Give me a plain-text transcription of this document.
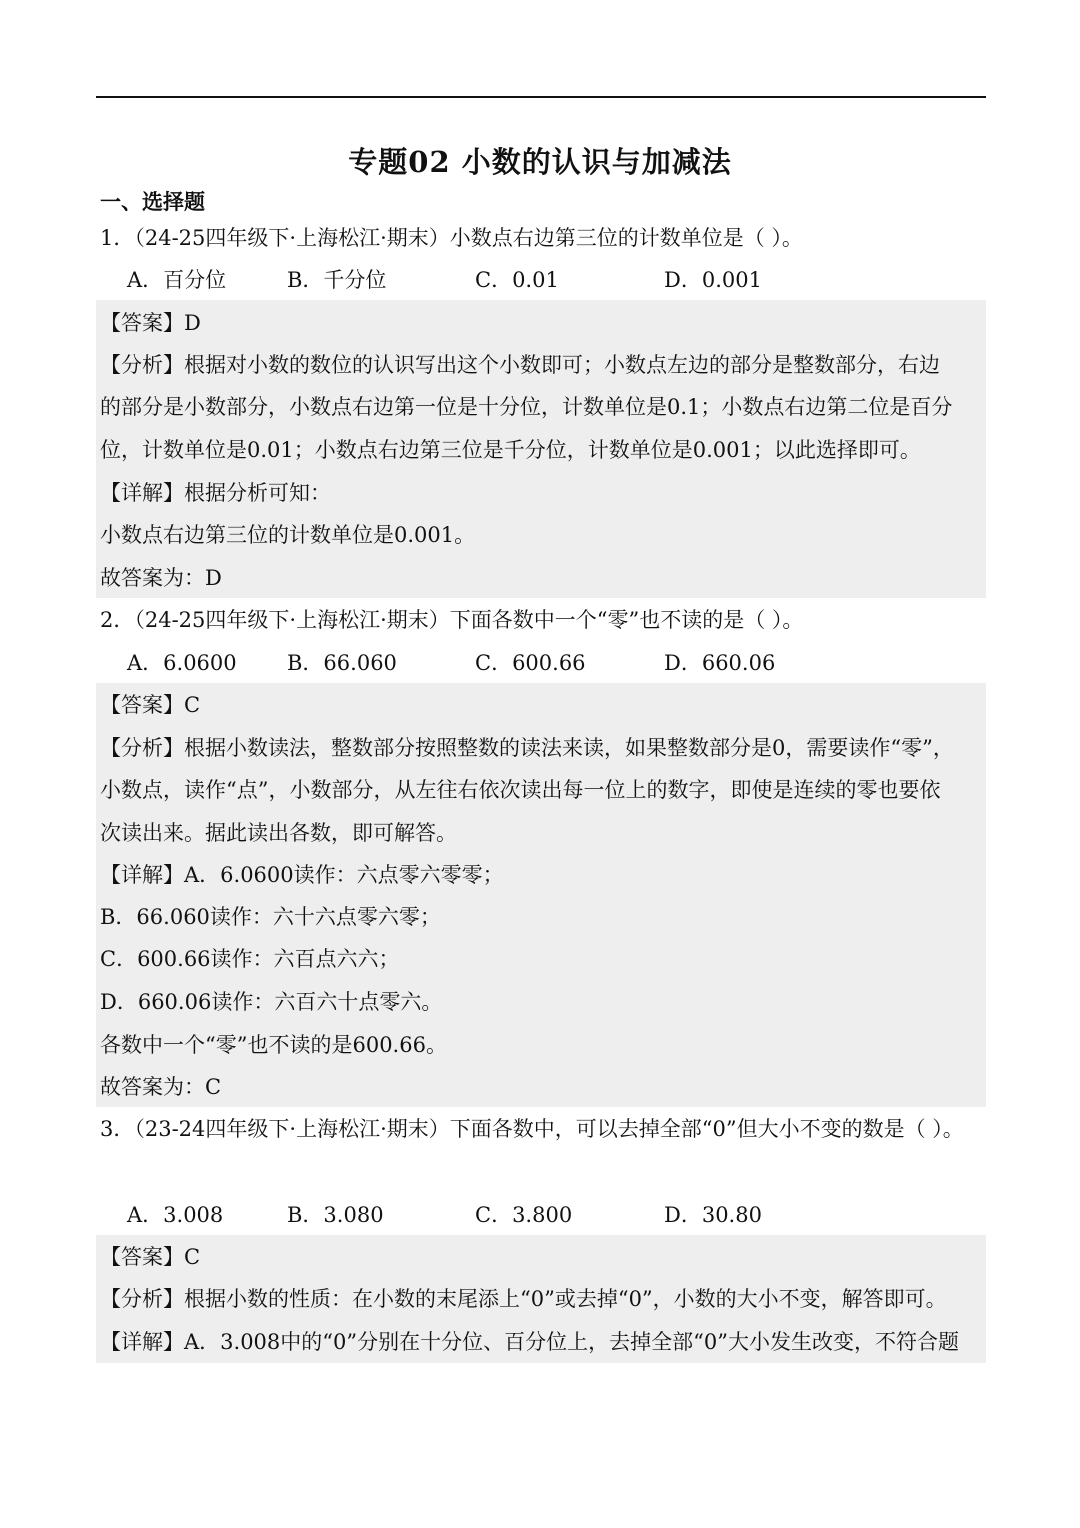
专题02 小数的认识与加减法
一、选择题
1．（24-25四年级下·上海松江·期末）小数点右边第三位的计数单位是（ ）。
A．百分位	B．千分位	C．0.01	D．0.001
【答案】D
【分析】根据对小数的数位的认识写出这个小数即可；小数点左边的部分是整数部分，右边
的部分是小数部分，小数点右边第一位是十分位，计数单位是0.1；小数点右边第二位是百分
位，计数单位是0.01；小数点右边第三位是千分位，计数单位是0.001；以此选择即可。
【详解】根据分析可知：
小数点右边第三位的计数单位是0.001。
故答案为：D
2．（24-25四年级下·上海松江·期末）下面各数中一个“零”也不读的是（ ）。
A．6.0600 B．66.060	C．600.66	D．660.06
【答案】C
【分析】根据小数读法，整数部分按照整数的读法来读，如果整数部分是0，需要读作“零”，
小数点，读作“点”，小数部分，从左往右依次读出每一位上的数字，即使是连续的零也要依
次读出来。据此读出各数，即可解答。
【详解】A．6.0600读作：六点零六零零；
B．66.060读作：六十六点零六零；
C．600.66读作：六百点六六；
D．660.06读作：六百六十点零六。
各数中一个“零”也不读的是600.66。
故答案为：C
3．（23-24四年级下·上海松江·期末）下面各数中，可以去掉全部“0”但大小不变的数是（ ）。
A．3.008	B．3.080	C．3.800	D．30.80
【答案】C
【分析】根据小数的性质：在小数的末尾添上“0”或去掉“0”，小数的大小不变，解答即可。
【详解】A．3.008中的“0”分别在十分位、百分位上，去掉全部“0”大小发生改变，不符合题
